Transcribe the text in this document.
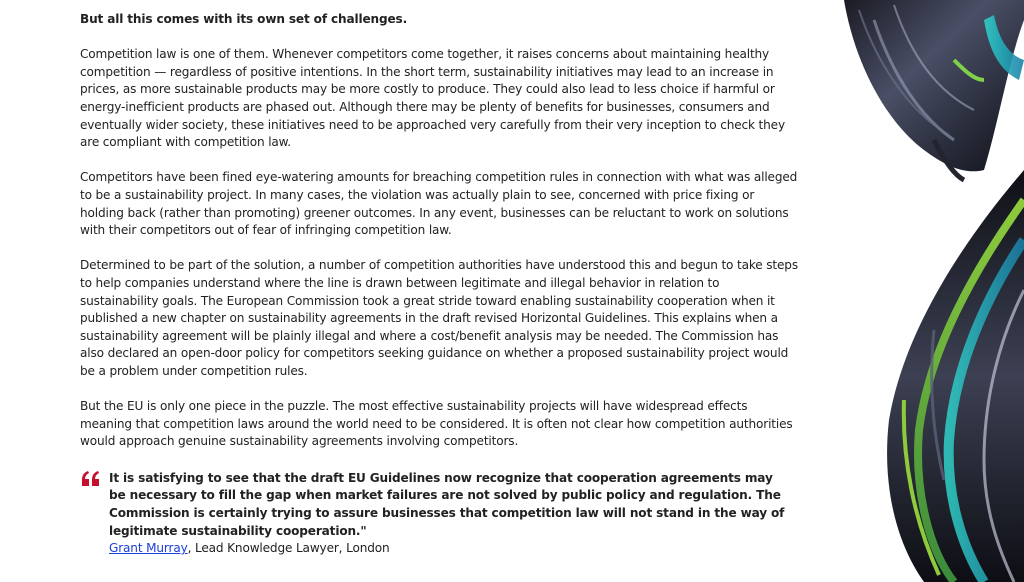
But all this comes with its own set of challenges.

Competition law is one of them. Whenever competitors come together, it raises concerns about maintaining healthy competition — regardless of positive intentions. In the short term, sustainability initiatives may lead to an increase in prices, as more sustainable products may be more costly to produce. They could also lead to less choice if harmful or energy-inefficient products are phased out. Although there may be plenty of benefits for businesses, consumers and eventually wider society, these initiatives need to be approached very carefully from their very inception to check they are compliant with competition law.

Competitors have been fined eye-watering amounts for breaching competition rules in connection with what was alleged to be a sustainability project. In many cases, the violation was actually plain to see, concerned with price fixing or holding back (rather than promoting) greener outcomes. In any event, businesses can be reluctant to work on solutions with their competitors out of fear of infringing competition law.

Determined to be part of the solution, a number of competition authorities have understood this and begun to take steps to help companies understand where the line is drawn between legitimate and illegal behavior in relation to sustainability goals. The European Commission took a great stride toward enabling sustainability cooperation when it published a new chapter on sustainability agreements in the draft revised Horizontal Guidelines. This explains when a sustainability agreement will be plainly illegal and where a cost/benefit analysis may be needed. The Commission has also declared an open-door policy for competitors seeking guidance on whether a proposed sustainability project would be a problem under competition rules.

But the EU is only one piece in the puzzle. The most effective sustainability projects will have widespread effects meaning that competition laws around the world need to be considered. It is often not clear how competition authorities would approach genuine sustainability agreements involving competitors.

It is satisfying to see that the draft EU Guidelines now recognize that cooperation agreements may be necessary to fill the gap when market failures are not solved by public policy and regulation. The Commission is certainly trying to assure businesses that competition law will not stand in the way of legitimate sustainability cooperation."
Grant Murray, Lead Knowledge Lawyer, London
